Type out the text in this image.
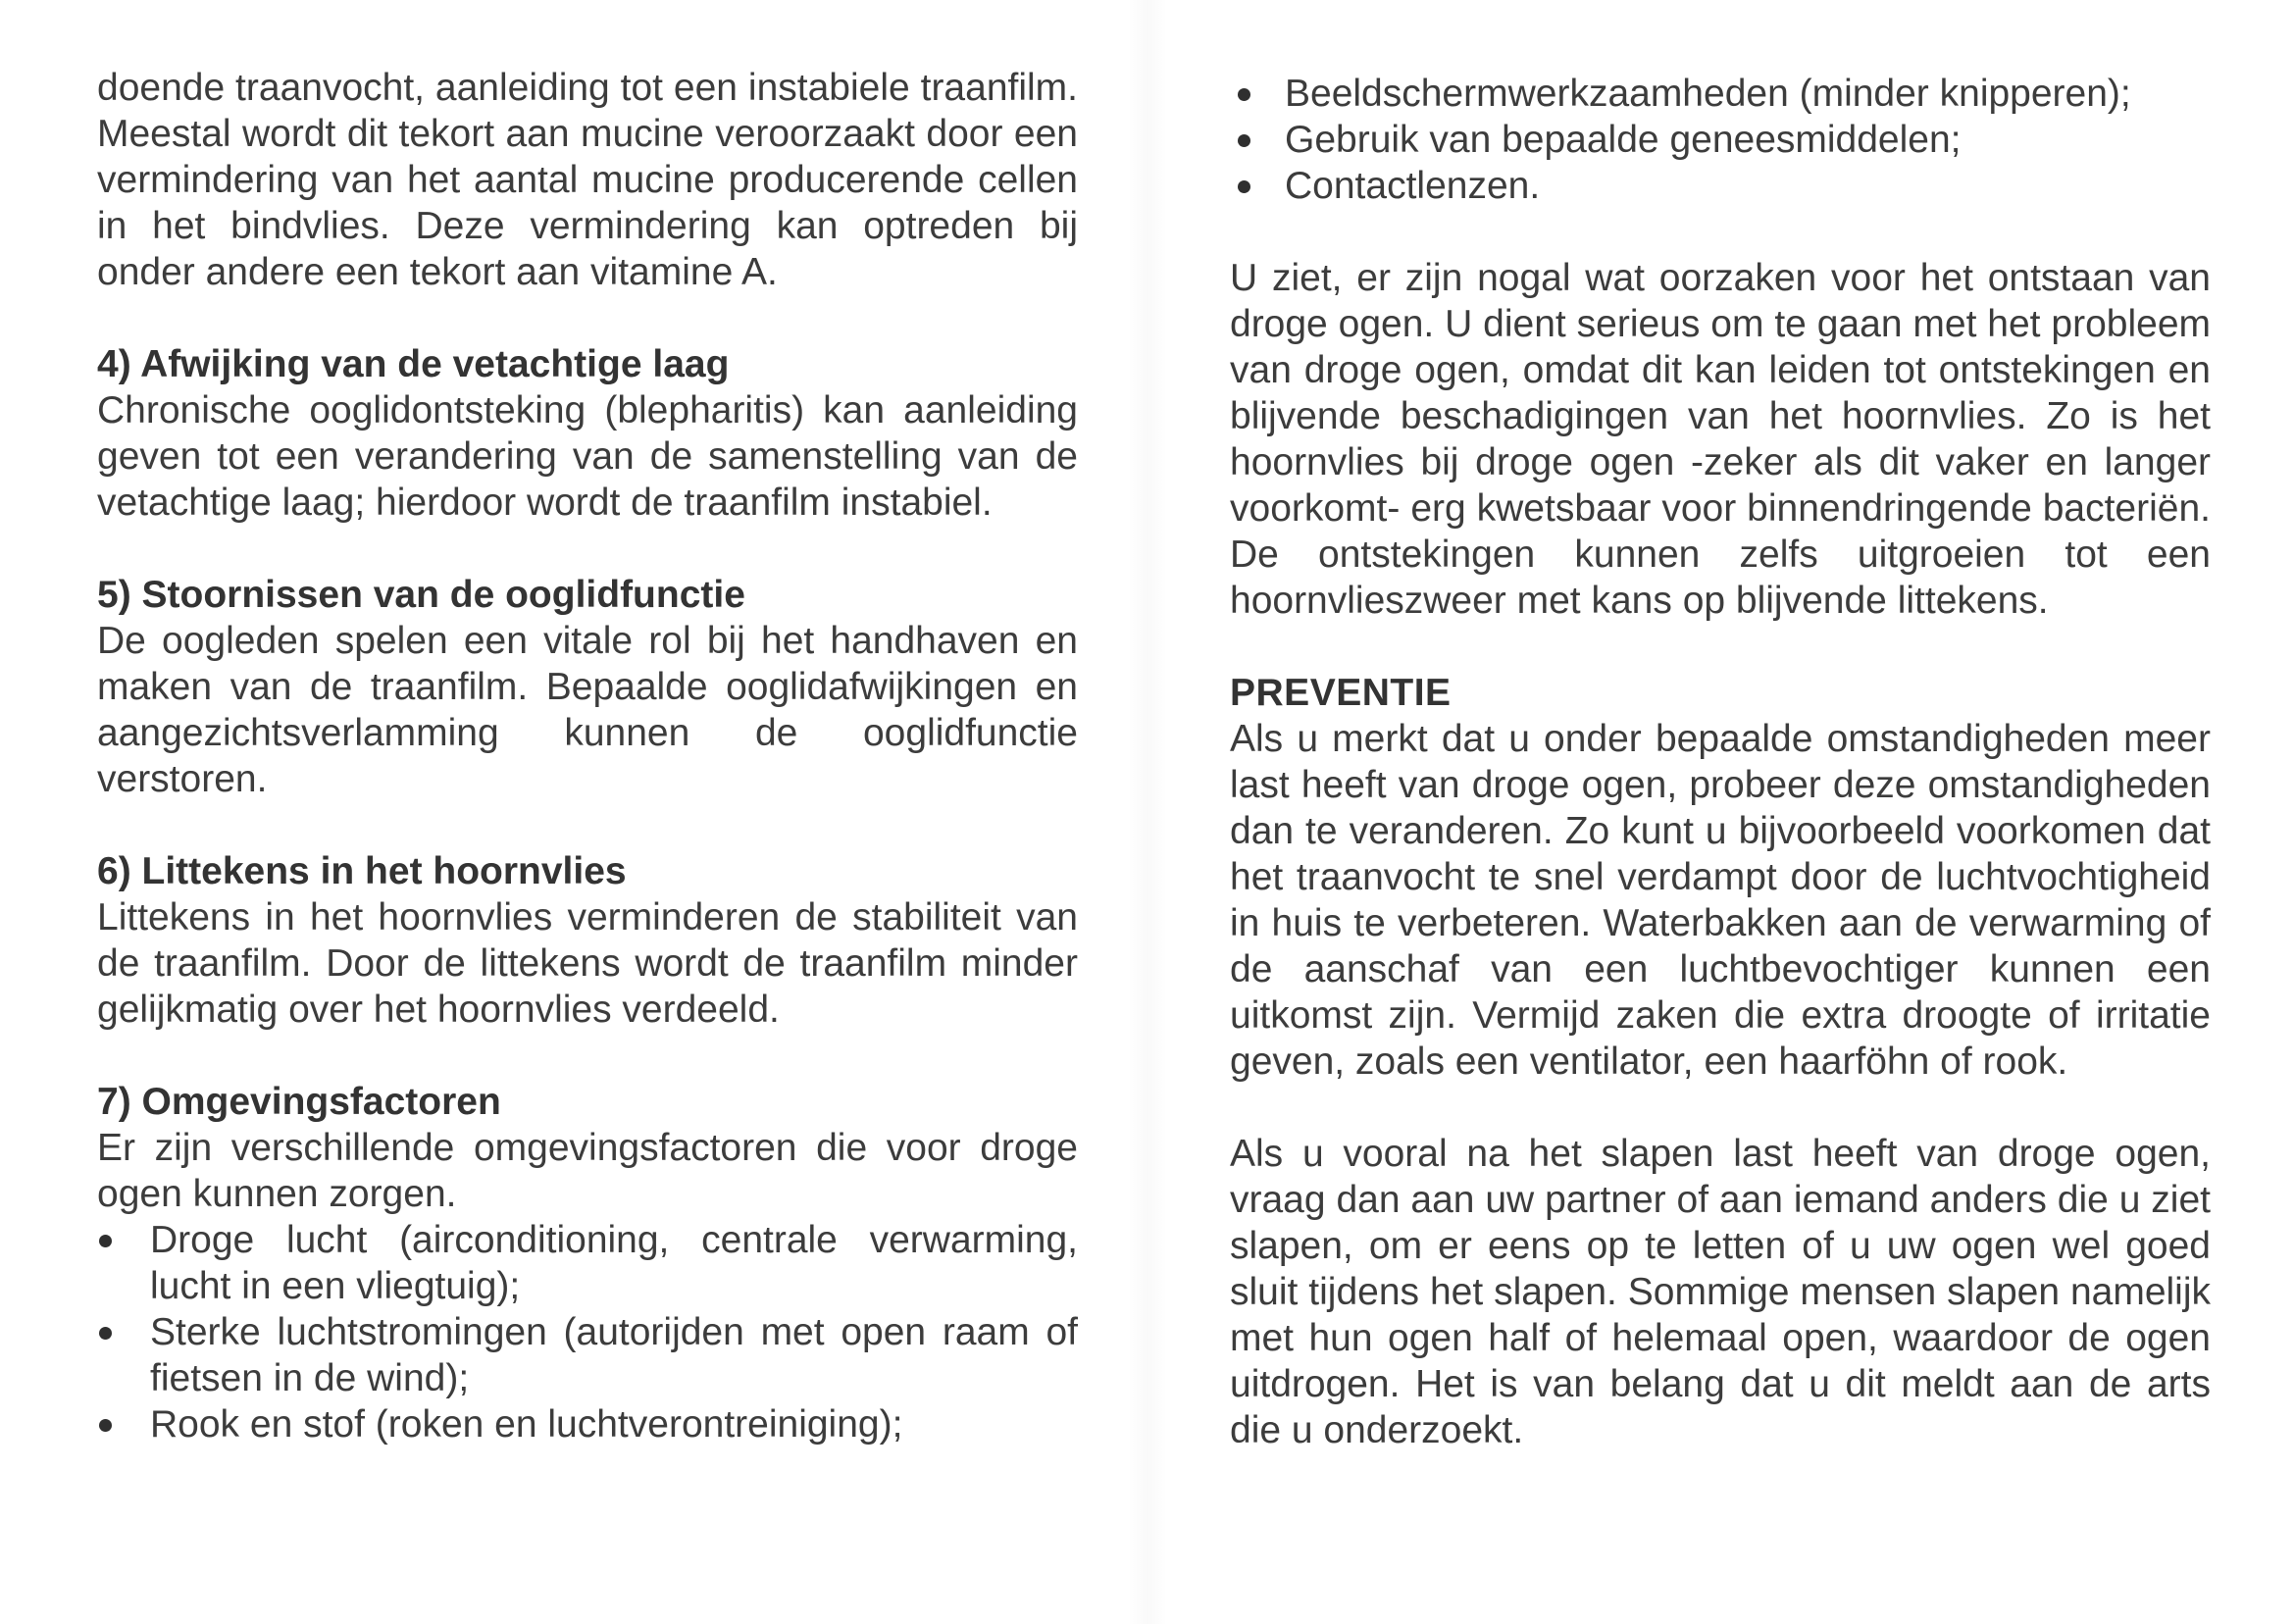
doende traanvocht, aanleiding tot een instabiele traanfilm. Meestal wordt dit tekort aan mucine veroorzaakt door een vermindering van het aantal mucine producerende cellen in het bindvlies. Deze vermindering kan optreden bij onder andere een tekort aan vitamine A.

4) Afwijking van de vetachtige laag

Chronische ooglidontsteking (blepharitis) kan aanleiding geven tot een verandering van de samenstelling van de vetachtige laag; hierdoor wordt de traanfilm instabiel.

5) Stoornissen van de ooglidfunctie

De oogleden spelen een vitale rol bij het handhaven en maken van de traanfilm. Bepaalde ooglidafwijkingen en aangezichtsverlamming kunnen de ooglidfunctie verstoren.

6) Littekens in het hoornvlies

Littekens in het hoornvlies verminderen de stabiliteit van de traanfilm. Door de littekens wordt de traanfilm minder gelijkmatig over het hoornvlies verdeeld.

7) Omgevingsfactoren

Er zijn verschillende omgevingsfactoren die voor droge ogen kunnen zorgen.

Droge lucht (airconditioning, centrale verwarming, lucht in een vliegtuig);
Sterke luchtstromingen (autorijden met open raam of fietsen in de wind);
Rook en stof (roken en luchtverontreiniging);
Beeldschermwerkzaamheden (minder knipperen);
Gebruik van bepaalde geneesmiddelen;
Contactlenzen.

U ziet, er zijn nogal wat oorzaken voor het ontstaan van droge ogen. U dient serieus om te gaan met het probleem van droge ogen, omdat dit kan leiden tot ontstekingen en blijvende beschadigingen van het hoornvlies. Zo is het hoornvlies bij droge ogen -zeker als dit vaker en langer voorkomt- erg kwetsbaar voor binnendringende bacteriën. De ontstekingen kunnen zelfs uitgroeien tot een hoornvlieszweer met kans op blijvende littekens.

PREVENTIE

Als u merkt dat u onder bepaalde omstandigheden meer last heeft van droge ogen, probeer deze omstandigheden dan te veranderen. Zo kunt u bijvoorbeeld voorkomen dat het traanvocht te snel verdampt door de luchtvochtigheid in huis te verbeteren. Waterbakken aan de verwarming of de aanschaf van een luchtbevochtiger kunnen een uitkomst zijn. Vermijd zaken die extra droogte of irritatie geven, zoals een ventilator, een haarföhn of rook.

Als u vooral na het slapen last heeft van droge ogen, vraag dan aan uw partner of aan iemand anders die u ziet slapen, om er eens op te letten of u uw ogen wel goed sluit tijdens het slapen. Sommige mensen slapen namelijk met hun ogen half of helemaal open, waardoor de ogen uitdrogen. Het is van belang dat u dit meldt aan de arts die u onderzoekt.
